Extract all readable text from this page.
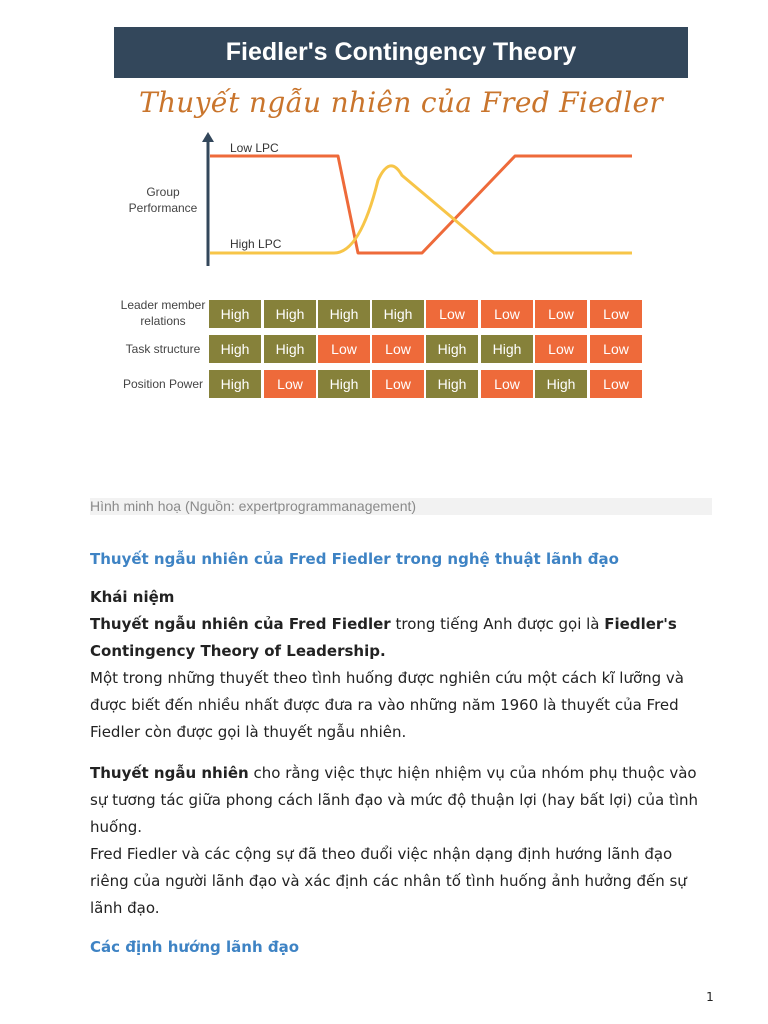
Fiedler's Contingency Theory
Thuyết ngẫu nhiên của Fred Fiedler
Group Performance
Low LPC
High LPC
Leader member
relations	High	High	High	High	Low	Low	Low	Low
Task structure	High	High	Low	Low	High	High	Low	Low
Position Power	High	Low	High	Low	High	Low	High	Low
Hình minh hoạ (Nguồn: expertprogrammanagement)
Thuyết ngẫu nhiên của Fred Fiedler trong nghệ thuật lãnh đạo
Khái niệm
Thuyết ngẫu nhiên của Fred Fiedler trong tiếng Anh được gọi là Fiedler's
Contingency Theory of Leadership.
Một trong những thuyết theo tình huống được nghiên cứu một cách kĩ lưỡng và
được biết đến nhiều nhất được đưa ra vào những năm 1960 là thuyết của Fred
Fiedler còn được gọi là thuyết ngẫu nhiên.
Thuyết ngẫu nhiên cho rằng việc thực hiện nhiệm vụ của nhóm phụ thuộc vào
sự tương tác giữa phong cách lãnh đạo và mức độ thuận lợi (hay bất lợi) của tình
huống.
Fred Fiedler và các cộng sự đã theo đuổi việc nhận dạng định hướng lãnh đạo
riêng của người lãnh đạo và xác định các nhân tố tình huống ảnh hưởng đến sự
lãnh đạo.
Các định hướng lãnh đạo
1
